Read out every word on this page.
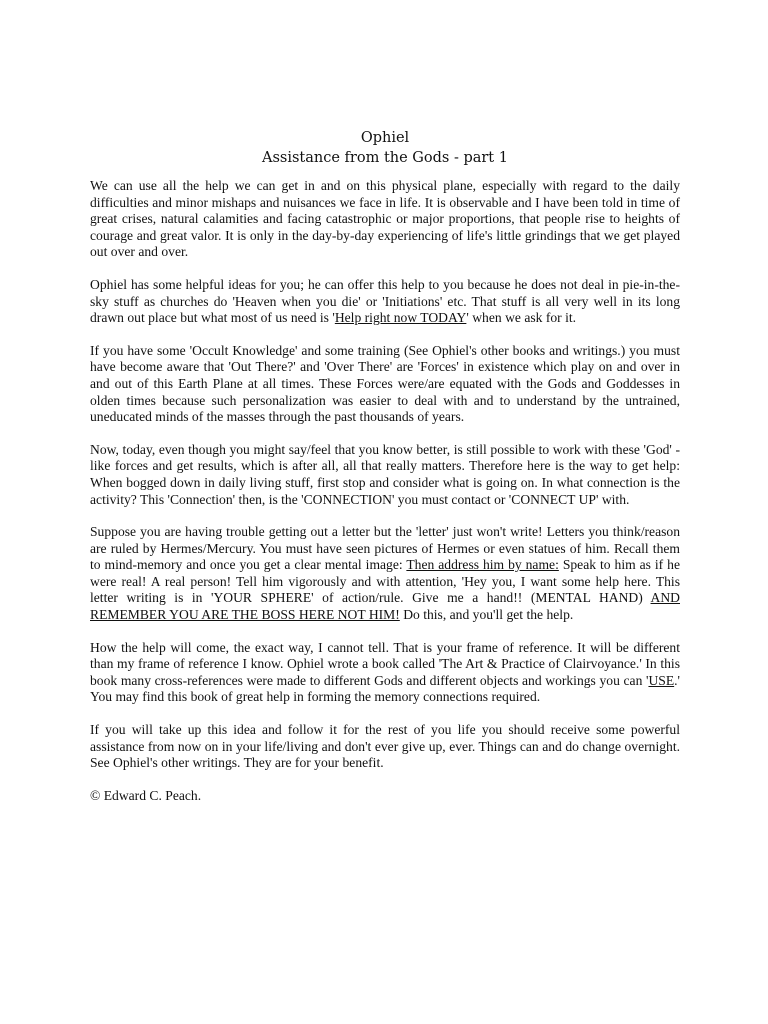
Ophiel

Assistance from the Gods - part 1

We can use all the help we can get in and on this physical plane, especially with regard to the daily difficulties and minor mishaps and nuisances we face in life. It is observable and I have been told in time of great crises, natural calamities and facing catastrophic or major proportions, that people rise to heights of courage and great valor. It is only in the day-by-day experiencing of life's little grindings that we get played out over and over.

Ophiel has some helpful ideas for you; he can offer this help to you because he does not deal in pie-in-the-sky stuff as churches do 'Heaven when you die' or 'Initiations' etc. That stuff is all very well in its long drawn out place but what most of us need is 'Help right now TODAY' when we ask for it.

If you have some 'Occult Knowledge' and some training (See Ophiel's other books and writings.) you must have become aware that 'Out There?' and 'Over There' are 'Forces' in existence which play on and over in and out of this Earth Plane at all times. These Forces were/are equated with the Gods and Goddesses in olden times because such personalization was easier to deal with and to understand by the untrained, uneducated minds of the masses through the past thousands of years.

Now, today, even though you might say/feel that you know better, is still possible to work with these 'God' - like forces and get results, which is after all, all that really matters. Therefore here is the way to get help: When bogged down in daily living stuff, first stop and consider what is going on. In what connection is the activity? This 'Connection' then, is the 'CONNECTION' you must contact or 'CONNECT UP' with.

Suppose you are having trouble getting out a letter but the 'letter' just won't write! Letters you think/reason are ruled by Hermes/Mercury. You must have seen pictures of Hermes or even statues of him. Recall them to mind-memory and once you get a clear mental image: Then address him by name: Speak to him as if he were real! A real person! Tell him vigorously and with attention, 'Hey you, I want some help here. This letter writing is in 'YOUR SPHERE' of action/rule. Give me a hand!! (MENTAL HAND) AND REMEMBER YOU ARE THE BOSS HERE NOT HIM! Do this, and you'll get the help.

How the help will come, the exact way, I cannot tell. That is your frame of reference. It will be different than my frame of reference I know. Ophiel wrote a book called 'The Art & Practice of Clairvoyance.' In this book many cross-references were made to different Gods and different objects and workings you can 'USE.' You may find this book of great help in forming the memory connections required.

If you will take up this idea and follow it for the rest of you life you should receive some powerful assistance from now on in your life/living and don't ever give up, ever. Things can and do change overnight. See Ophiel's other writings. They are for your benefit.

© Edward C. Peach.
